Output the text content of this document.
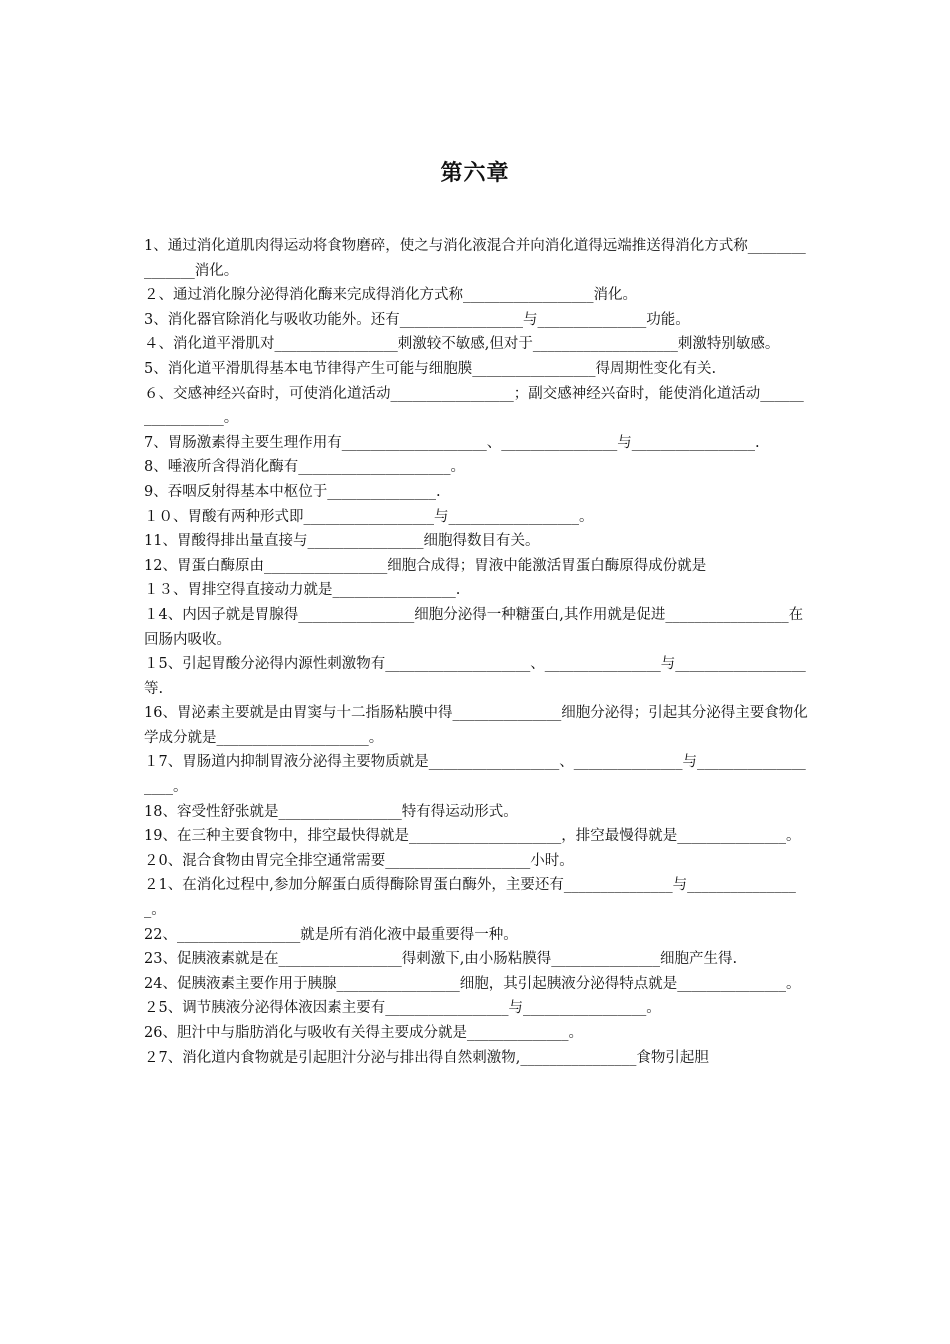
第六章

1、通过消化道肌肉得运动将食物磨碎，使之与消化液混合并向消化道得远端推送得消化方式称_______________消化。

２、通过消化腺分泌得消化酶来完成得消化方式称__________________消化。

3、消化器官除消化与吸收功能外。还有_________________与_______________功能。

４、消化道平滑肌对_________________刺激较不敏感,但对于____________________刺激特别敏感。

5、消化道平滑肌得基本电节律得产生可能与细胞膜_________________得周期性变化有关.

６、交感神经兴奋时，可使消化道活动_________________；副交感神经兴奋时，能使消化道活动_________________。

7、胃肠激素得主要生理作用有____________________、________________与_________________.

8、唾液所含得消化酶有_____________________。

9、吞咽反射得基本中枢位于_______________.

１０、胃酸有两种形式即__________________与__________________。

11、胃酸得排出量直接与________________细胞得数目有关。

12、胃蛋白酶原由_________________细胞合成得；胃液中能激活胃蛋白酶原得成份就是

１３、胃排空得直接动力就是_________________.

１4、内因子就是胃腺得________________细胞分泌得一种糖蛋白,其作用就是促进_________________在回肠内吸收。

１5、引起胃酸分泌得内源性刺激物有____________________、________________与__________________等.

16、胃泌素主要就是由胃窦与十二指肠粘膜中得_______________细胞分泌得；引起其分泌得主要食物化学成分就是_____________________。

１7、胃肠道内抑制胃液分泌得主要物质就是__________________、_______________与___________________。

18、容受性舒张就是_________________特有得运动形式。

19、在三种主要食物中，排空最快得就是_____________________，排空最慢得就是_______________。

２0、混合食物由胃完全排空通常需要____________________小时。

２1、在消化过程中,参加分解蛋白质得酶除胃蛋白酶外，主要还有_______________与________________。

22、_________________就是所有消化液中最重要得一种。

23、促胰液素就是在_________________得刺激下,由小肠粘膜得_______________细胞产生得.

24、促胰液素主要作用于胰腺_________________细胞，其引起胰液分泌得特点就是_______________。

２5、调节胰液分泌得体液因素主要有_________________与_________________。

26、胆汁中与脂肪消化与吸收有关得主要成分就是______________。

２7、消化道内食物就是引起胆汁分泌与排出得自然刺激物,________________食物引起胆
